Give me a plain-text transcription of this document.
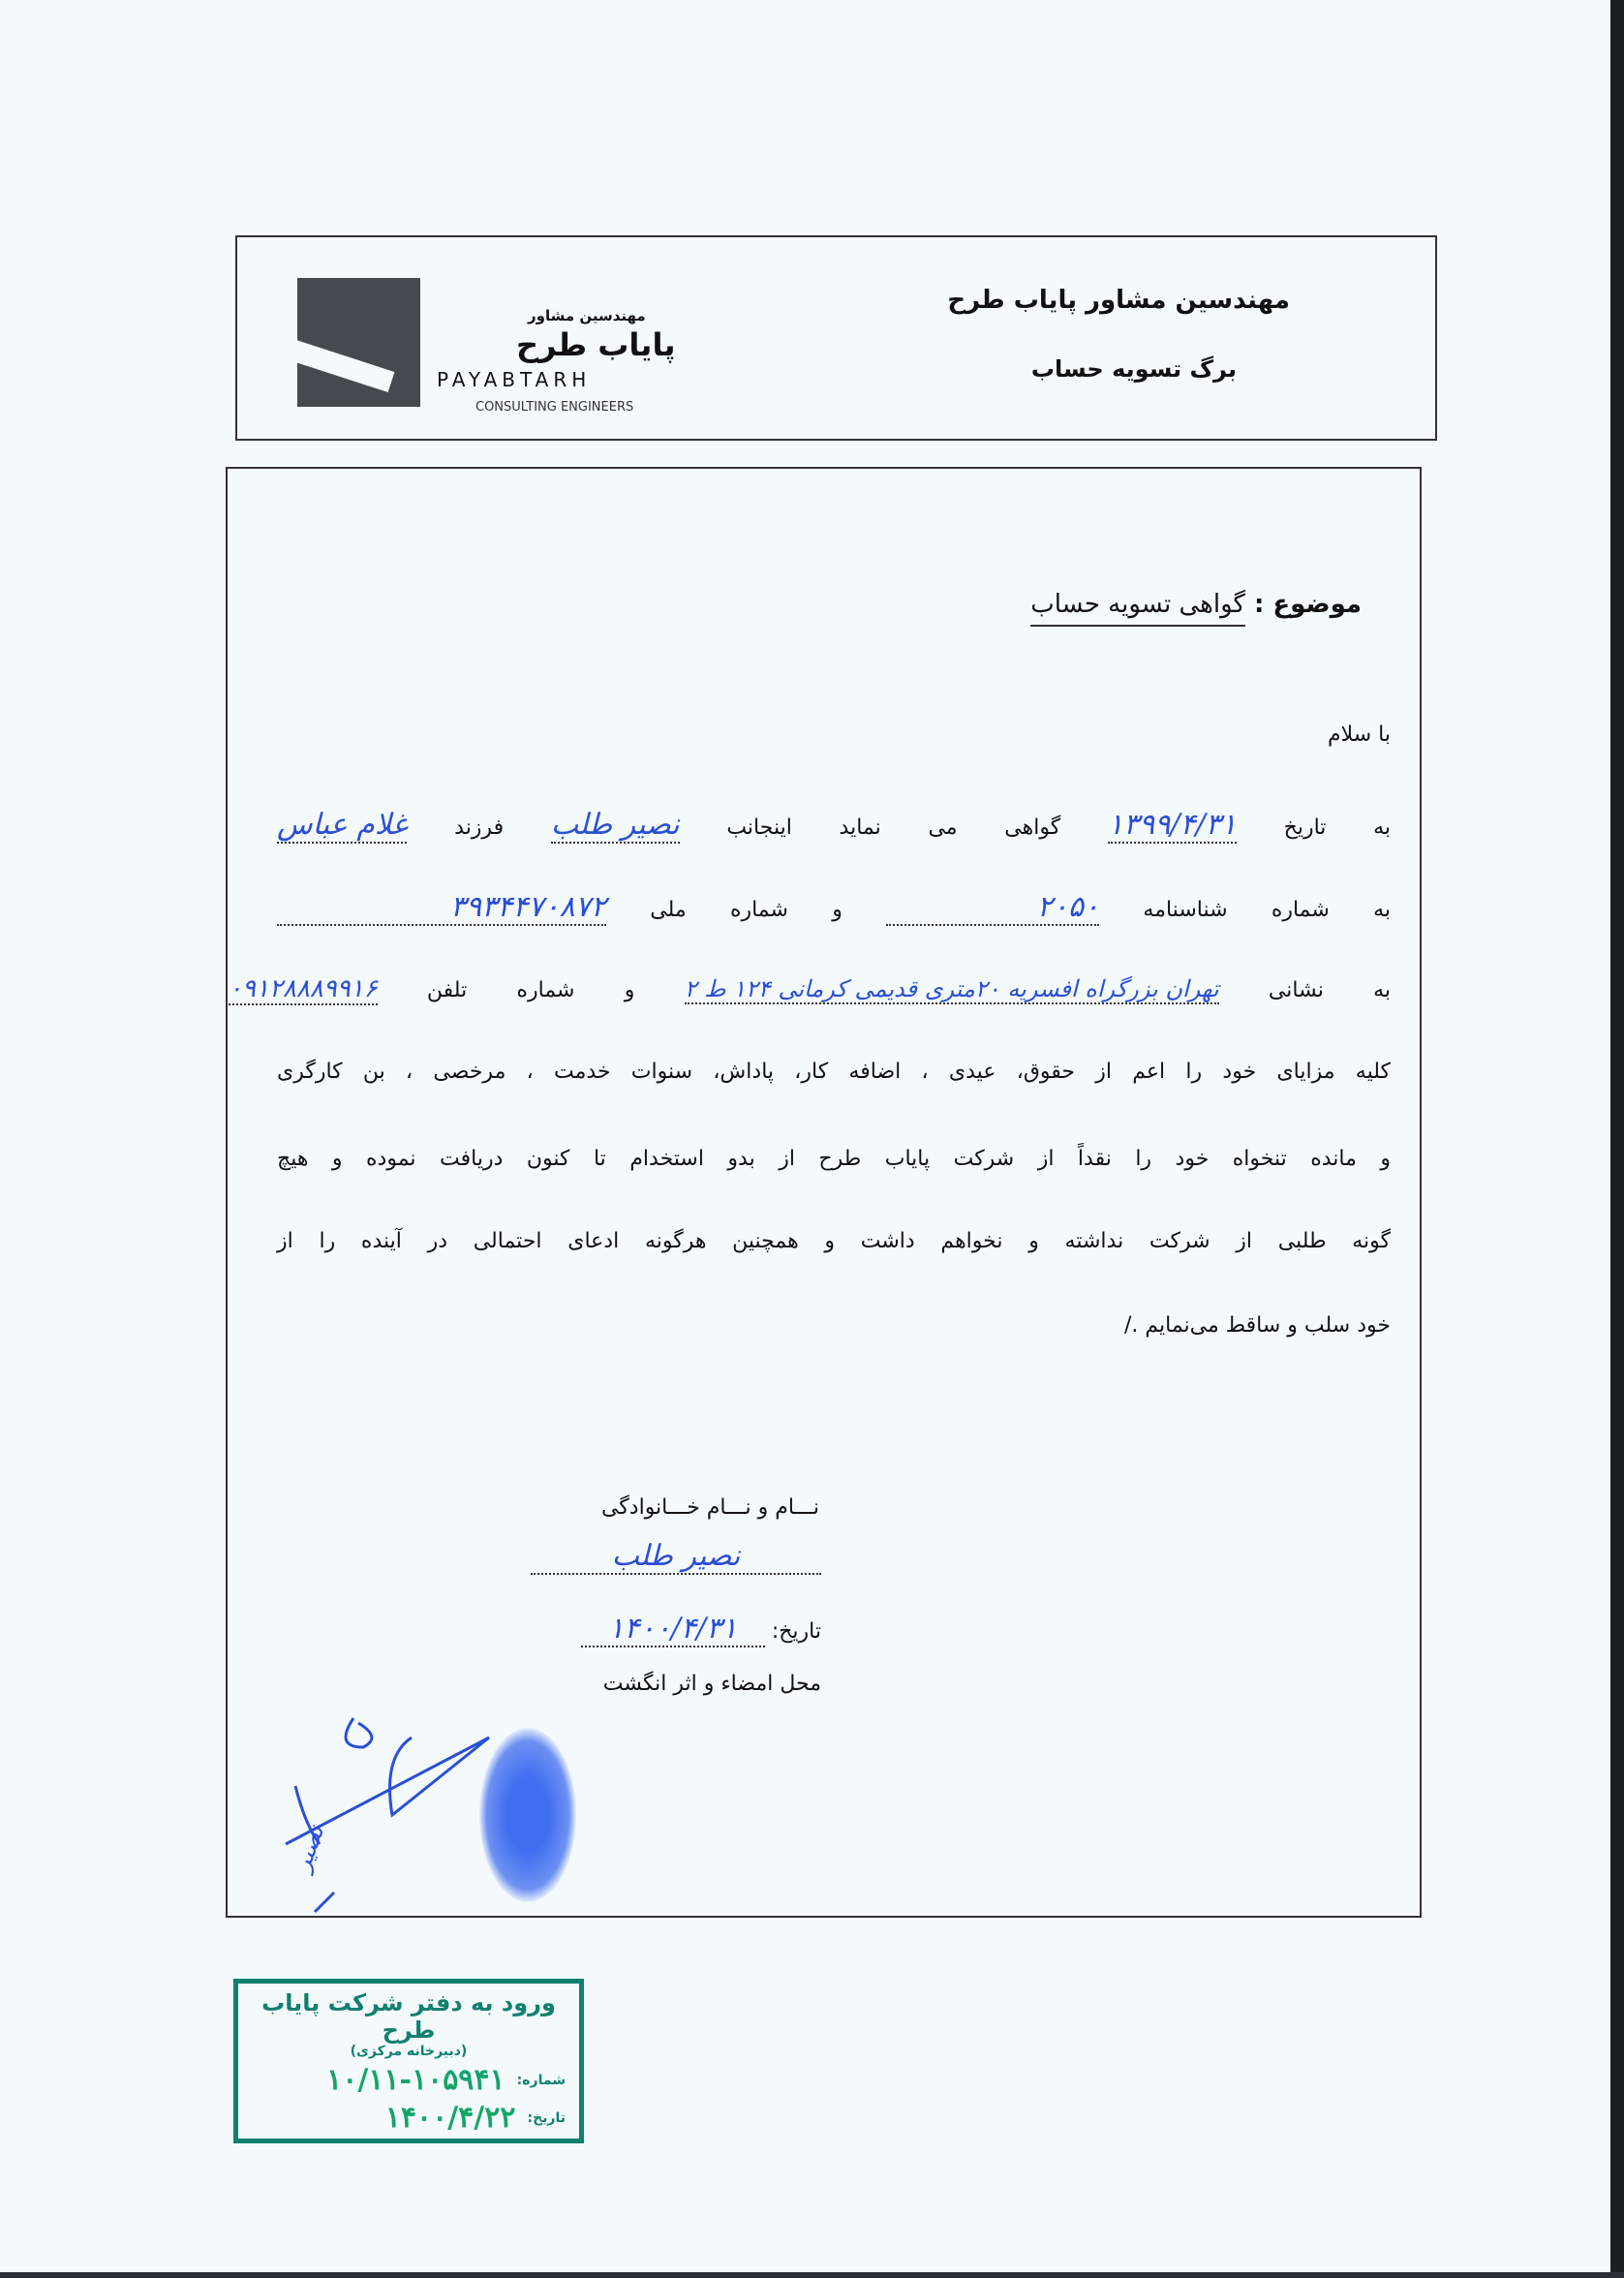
مهندسین مشاور
پایاب طرح
PAYABTARH
CONSULTING ENGINEERS
مهندسین مشاور پایاب طرح
برگ تسویه حساب
موضوع : گواهی تسویه حساب
با سلام
به تاریخ ۱۳۹۹/۴/۳۱ گواهی می نماید اینجانب نصیر طلب فرزند غلام عباس
به شماره شناسنامه ۲۰۵۰ و شماره ملی ۳۹۳۴۴۷۰۸۷۲
به نشانی تهران بزرگراه افسریه ۲۰متری قدیمی کرمانی ۱۲۴ ط ۲ و شماره تلفن ۰۹۱۲۸۸۸۹۹۱۶
کلیه مزایای خود را اعم از حقوق، عیدی ، اضافه کار، پاداش، سنوات خدمت ، مرخصی ، بن کارگری
و مانده تنخواه خود را نقداً از شرکت پایاب طرح از بدو استخدام تا کنون دریافت نموده و هیچ
گونه طلبی از شرکت نداشته و نخواهم داشت و همچنین هرگونه ادعای احتمالی در آینده را از
خود سلب و ساقط می‌نمایم ./
نـــام و نـــام خـــانوادگی
نصیر طلب
تاریخ: ۱۴۰۰/۴/۳۱
محل امضاء و اثر انگشت
نصیر
ورود به دفتر شرکت پایاب طرح
(دبیرخانه مرکزی)
شماره:
۱۰/۱۱-۱۰۵۹۴۱
تاریخ:
۱۴۰۰/۴/۲۲
